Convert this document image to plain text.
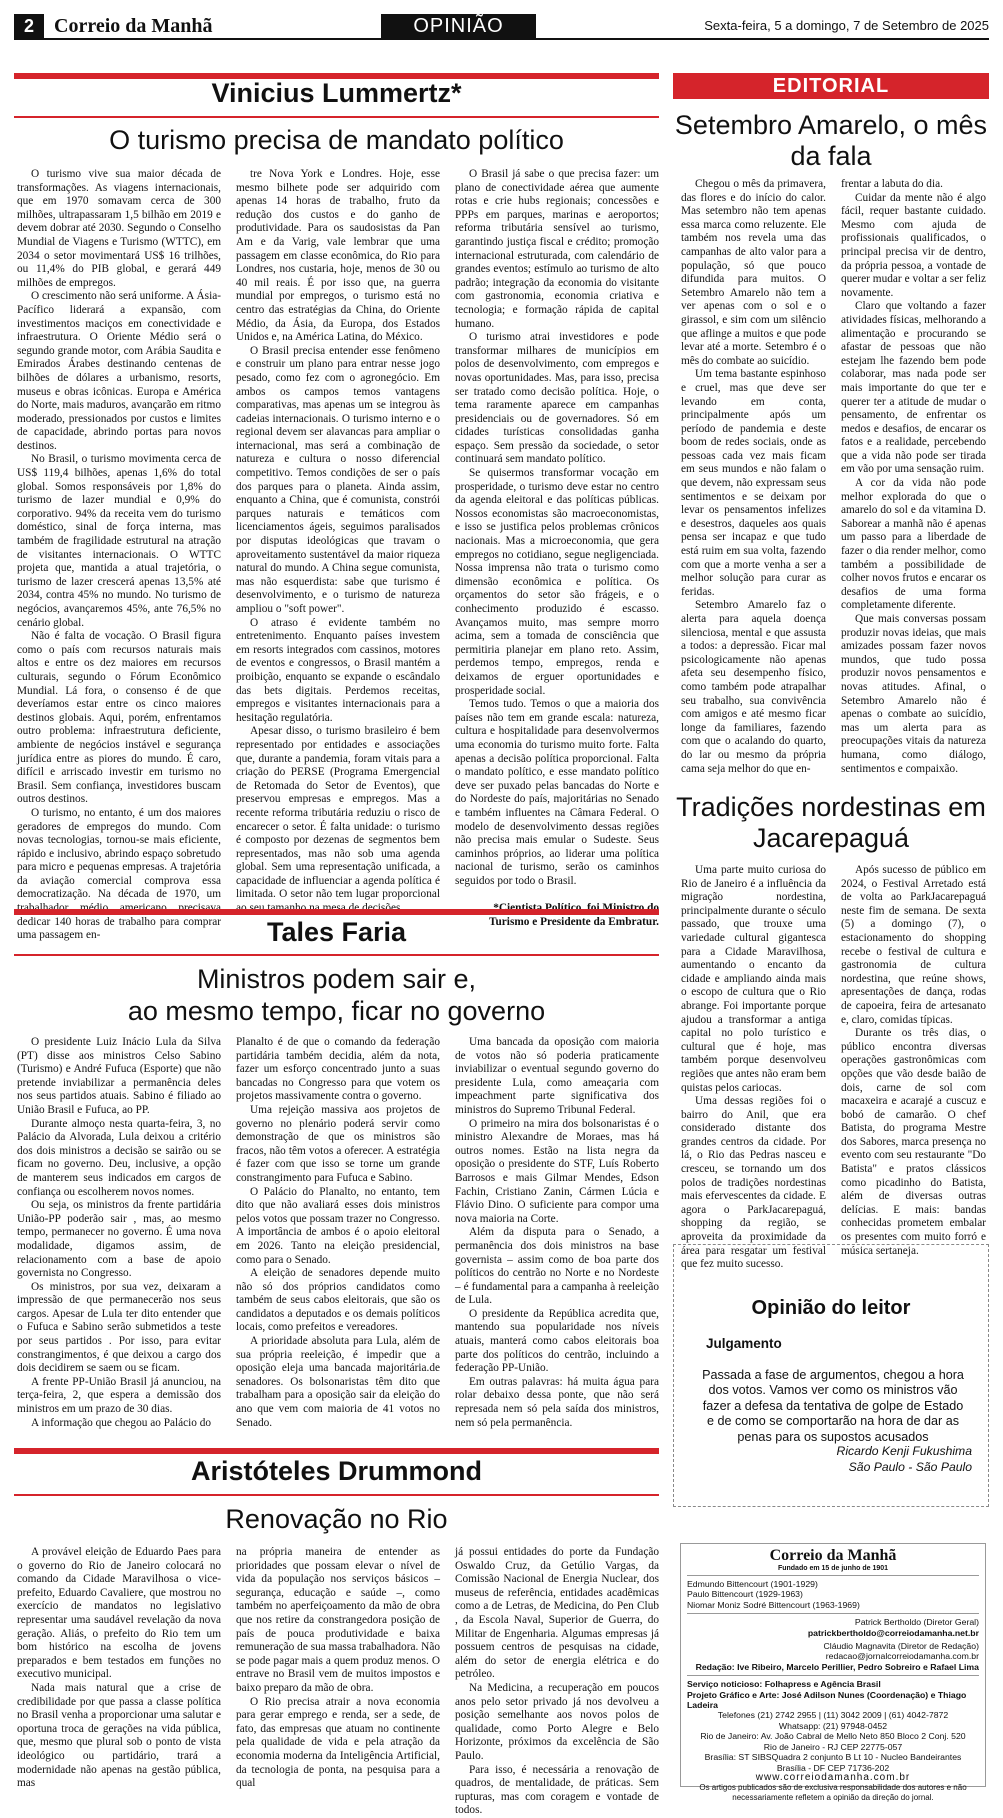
2	Correio da Manhã	OPINIÃO	Sexta-feira, 5 a domingo, 7 de Setembro de 2025
Vinicius Lummertz*
O turismo precisa de mandato político

O turismo vive sua maior década de transformações. As viagens internacionais, que em 1970 somavam cerca de 300 milhões, ultrapassaram 1,5 bilhão em 2019 e devem dobrar até 2030. Segundo o Conselho Mundial de Viagens e Turismo (WTTC), em 2034 o setor movimentará US$ 16 trilhões, ou 11,4% do PIB global, e gerará 449 milhões de empregos.

O crescimento não será uniforme. A Ásia-Pacífico liderará a expansão, com investimentos maciços em conectividade e infraestrutura. O Oriente Médio será o segundo grande motor, com Arábia Saudita e Emirados Árabes destinando centenas de bilhões de dólares a urbanismo, resorts, museus e obras icônicas. Europa e América do Norte, mais maduros, avançarão em ritmo moderado, pressionados por custos e limites de capacidade, abrindo portas para novos destinos.

No Brasil, o turismo movimenta cerca de US$ 119,4 bilhões, apenas 1,6% do total global. Somos responsáveis por 1,8% do turismo de lazer mundial e 0,9% do corporativo. 94% da receita vem do turismo doméstico, sinal de força interna, mas também de fragilidade estrutural na atração de visitantes internacionais. O WTTC projeta que, mantida a atual trajetória, o turismo de lazer crescerá apenas 13,5% até 2034, contra 45% no mundo. No turismo de negócios, avançaremos 45%, ante 76,5% no cenário global.

Não é falta de vocação. O Brasil figura como o país com recursos naturais mais altos e entre os dez maiores em recursos culturais, segundo o Fórum Econômico Mundial. Lá fora, o consenso é de que deveríamos estar entre os cinco maiores destinos globais. Aqui, porém, enfrentamos outro problema: infraestrutura deficiente, ambiente de negócios instável e segurança jurídica entre as piores do mundo. É caro, difícil e arriscado investir em turismo no Brasil. Sem confiança, investidores buscam outros destinos.

O turismo, no entanto, é um dos maiores geradores de empregos do mundo. Com novas tecnologias, tornou-se mais eficiente, rápido e inclusivo, abrindo espaço sobretudo para micro e pequenas empresas. A trajetória da aviação comercial comprova essa democratização. Na década de 1970, um dedicar 140 horas de trabalho para comprar uma passagem en-

tre Nova York e Londres. Hoje, esse mesmo bilhete pode ser adquirido com apenas 14 horas de trabalho, fruto da redução dos custos e do ganho de produtividade. Para os saudosistas da Pan Am e da Varig, vale lembrar que uma passagem em classe econômica, do Rio para Londres, nos custaria, hoje, menos de 30 ou 40 mil reais. É por isso que, na guerra mundial por empregos, o turismo está no centro das estratégias da China, do Oriente Médio, da Ásia, da Europa, dos Estados Unidos e, na América Latina, do México.

O Brasil precisa entender esse fenômeno e construir um plano para entrar nesse jogo pesado, como fez com o agronegócio. Em ambos os campos temos vantagens comparativas, mas apenas um se integrou às cadeias internacionais. O turismo interno e o regional devem ser alavancas para ampliar o internacional, mas será a combinação de natureza e cultura o nosso diferencial competitivo. Temos condições de ser o país dos parques para o planeta. Ainda assim, enquanto a China, que é comunista, constrói parques naturais e temáticos com licenciamentos ágeis, seguimos paralisados por disputas ideológicas que travam o aproveitamento sustentável da maior riqueza natural do mundo. A China segue comunista, mas não esquerdista: sabe que turismo é desenvolvimento, e o turismo de natureza ampliou o "soft power".

O atraso é evidente também no entretenimento. Enquanto países investem em resorts integrados com cassinos, motores de eventos e congressos, o Brasil mantém a proibição, enquanto se expande o escândalo das bets digitais. Perdemos receitas, empregos e visitantes internacionais para a hesitação regulatória.

Apesar disso, o turismo brasileiro é bem representado por entidades e associações que, durante a pandemia, foram vitais para a criação do PERSE (Programa Emergencial de Retomada do Setor de Eventos), que preservou empresas e empregos. Mas a recente reforma tributária reduziu o risco de encarecer o setor. É falta unidade: o turismo é composto por dezenas de segmentos bem representados, mas não sob uma agenda global. Sem uma representação unificada, a capacidade de influenciar a agenda política é limitada. O setor não tem lugar proporcional

O Brasil já sabe o que precisa fazer: um plano de conectividade aérea que aumente rotas e crie hubs regionais; concessões e PPPs em parques, marinas e aeroportos; reforma tributária sensível ao turismo, garantindo justiça fiscal e crédito; promoção internacional estruturada, com calendário de grandes eventos; estímulo ao turismo de alto padrão; integração da economia do visitante com gastronomia, economia criativa e tecnologia; e formação rápida de capital humano.

O turismo atrai investidores e pode transformar milhares de municípios em polos de desenvolvimento, com empregos e novas oportunidades. Mas, para isso, precisa ser tratado como decisão política. Hoje, o tema raramente aparece em campanhas presidenciais ou de governadores. Só em cidades turísticas consolidadas ganha espaço. Sem pressão da sociedade, o setor continuará sem mandato político.

Se quisermos transformar vocação em prosperidade, o turismo deve estar no centro da agenda eleitoral e das políticas públicas. Nossos economistas são macroeconomistas, e isso se justifica pelos problemas crônicos nacionais. Mas a microeconomia, que gera empregos no cotidiano, segue negligenciada. Nossa imprensa não trata o turismo como dimensão econômica e política. Os orçamentos do setor são frágeis, e o conhecimento produzido é escasso. Avançamos muito, mas sempre morro acima, sem a tomada de consciência que permitiria planejar em plano reto. Assim, perdemos tempo, empregos, renda e deixamos de erguer oportunidades e prosperidade social.

Temos tudo. Temos o que a maioria dos países não tem em grande escala: natureza, cultura e hospitalidade para desenvolvermos uma economia do turismo muito forte. Falta apenas a decisão política proporcional. Falta o mandato político, e esse mandato político deve ser puxado pelas bancadas do Norte e do Nordeste do país, majoritárias no Senado e também influentes na Câmara Federal. O modelo de desenvolvimento dessas regiões não precisa mais emular o Sudeste. Seus caminhos próprios, ao liderar uma política nacional de turismo, serão os caminhos seguidos por todo o Brasil.

Turismo e Presidente da Embratur.
EDITORIAL
Setembro Amarelo, o mês da fala

Chegou o mês da primavera, das flores e do início do calor. Mas setembro não tem apenas essa marca como reluzente. Ele também nos revela uma das campanhas de alto valor para a população, só que pouco difundida para muitos. O Setembro Amarelo não tem a ver apenas com o sol e o girassol, e sim com um silêncio que aflinge a muitos e que pode levar até a morte. Setembro é o mês do combate ao suicídio.

Um tema bastante espinhoso e cruel, mas que deve ser levando em conta, principalmente após um período de pandemia e deste boom de redes sociais, onde as pessoas cada vez mais ficam em seus mundos e não falam o que devem, não expressam seus sentimentos e se deixam por levar os pensamentos infelizes e desestros, daqueles aos quais pensa ser incapaz e que tudo está ruim em sua volta, fazendo com que a morte venha a ser a melhor solução para curar as feridas.

Setembro Amarelo faz o alerta para aquela doença silenciosa, mental e que assusta a todos: a depressão. Ficar mal psicologicamente não apenas afeta seu desempenho físico, como também pode atrapalhar seu trabalho, sua convivência com amigos e até mesmo ficar longe da familiares, fazendo com que o acalando do quarto, do lar ou mesmo da própria cama seja melhor do que en-

frentar a labuta do dia.

Cuidar da mente não é algo fácil, requer bastante cuidado. Mesmo com ajuda de profissionais qualificados, o principal precisa vir de dentro, da própria pessoa, a vontade de querer mudar e voltar a ser feliz novamente.

Claro que voltando a fazer atividades físicas, melhorando a alimentação e procurando se afastar de pessoas que não estejam lhe fazendo bem pode colaborar, mas nada pode ser mais importante do que ter e querer ter a atitude de mudar o pensamento, de enfrentar os medos e desafios, de encarar os fatos e a realidade, percebendo que a vida não pode ser tirada em vão por uma sensação ruim.

A cor da vida não pode melhor explorada do que o amarelo do sol e da vitamina D. Saborear a manhã não é apenas um passo para a liberdade de fazer o dia render melhor, como também a possibilidade de colher novos frutos e encarar os desafios de uma forma completamente diferente.

Que mais conversas possam produzir novas ideias, que mais amizades possam fazer novos mundos, que tudo possa produzir novos pensamentos e novas atitudes. Afinal, o Setembro Amarelo não é apenas o combate ao suicídio, mas um alerta para as preocupações vitais da natureza humana, como diálogo, sentimentos e compaixão.

Tradições nordestinas em Jacarepaguá

Uma parte muito curiosa do Rio de Janeiro é a influência da migração nordestina, principalmente durante o século passado, que trouxe uma variedade cultural gigantesca para a Cidade Maravilhosa, aumentando o encanto da cidade e ampliando ainda mais o escopo de cultura que o Rio abrange. Foi importante porque ajudou a transformar a antiga capital no polo turístico e cultural que é hoje, mas também porque desenvolveu regiões que antes não eram bem quistas pelos cariocas.

Uma dessas regiões foi o bairro do Anil, que era considerado distante dos grandes centros da cidade. Por lá, o Rio das Pedras nasceu e cresceu, se tornando um dos polos de tradições nordestinas mais efervescentes da cidade. E agora o ParkJacarepaguá, shopping da região, se aproveita da proximidade da área para resgatar um festival que fez muito sucesso.

Após sucesso de público em 2024, o Festival Arretado está de volta ao ParkJacarepaguá neste fim de semana. De sexta (5) a domingo (7), o estacionamento do shopping recebe o festival de cultura e gastronomia de cultura nordestina, que reúne shows, apresentações de dança, rodas de capoeira, feira de artesanato e, claro, comidas típicas.

Durante os três dias, o público encontra diversas operações gastronômicas com opções que vão desde baião de dois, carne de sol com macaxeira e acarajé a cuscuz e bobó de camarão. O chef Batista, do programa Mestre dos Sabores, marca presença no evento com seu restaurante "Do Batista" e pratos clássicos como picadinho do Batista, além de diversas outras delícias. E mais: bandas conhecidas prometem embalar os presentes com muito forró e música sertaneja.

Tales Faria
Ministros podem sair e,
ao mesmo tempo, ficar no governo

O presidente Luiz Inácio Lula da Silva (PT) disse aos ministros Celso Sabino (Turismo) e André Fufuca (Esporte) que não pretende inviabilizar a permanência deles nos seus partidos atuais. Sabino é filiado ao União Brasil e Fufuca, ao PP.

Durante almoço nesta quarta-feira, 3, no Palácio da Alvorada, Lula deixou a critério dos dois ministros a decisão se sairão ou se ficam no governo. Deu, inclusive, a opção de manterem seus indicados em cargos de confiança ou escolherem novos nomes.

Ou seja, os ministros da frente partidária União-PP poderão sair , mas, ao mesmo tempo, permanecer no governo. É uma nova modalidade, digamos assim, de relacionamento com a base de apoio governista no Congresso.

Os ministros, por sua vez, deixaram a impressão de que permanecerão nos seus cargos. Apesar de Lula ter dito entender que o Fufuca e Sabino serão submetidos a teste por seus partidos . Por isso, para evitar constrangimentos, é que deixou a cargo dos dois decidirem se saem ou se ficam.

A frente PP-União Brasil já anunciou, na terça-feira, 2, que espera a demissão dos ministros em um prazo de 30 dias.

A informação que chegou ao Palácio do

Planalto é de que o comando da federação partidária também decidia, além da nota, fazer um esforço concentrado junto a suas bancadas no Congresso para que votem os projetos massivamente contra o governo.

Uma rejeição massiva aos projetos de governo no plenário poderá servir como demonstração de que os ministros são fracos, não têm votos a oferecer. A estratégia é fazer com que isso se torne um grande constrangimento para Fufuca e Sabino.

O Palácio do Planalto, no entanto, tem dito que não avaliará esses dois ministros pelos votos que possam trazer no Congresso. A importância de ambos é o apoio eleitoral em 2026. Tanto na eleição presidencial, como para o Senado.

A eleição de senadores depende muito não só dos próprios candidatos como também de seus cabos eleitorais, que são os candidatos a deputados e os demais políticos locais, como prefeitos e vereadores.

A prioridade absoluta para Lula, além de sua própria reeleição, é impedir que a oposição eleja uma bancada majoritária.de senadores. Os bolsonaristas têm dito que trabalham para a oposição sair da eleição do ano que vem com maioria de 41 votos no Senado.

Uma bancada da oposição com maioria de votos não só poderia praticamente inviabilizar o eventual segundo governo do presidente Lula, como ameaçaria com impeachment parte significativa dos ministros do Supremo Tribunal Federal.

O primeiro na mira dos bolsonaristas é o ministro Alexandre de Moraes, mas há outros nomes. Estão na lista negra da oposição o presidente do STF, Luís Roberto Barrosos e mais Gilmar Mendes, Edson Fachin, Cristiano Zanin, Cármen Lúcia e Flávio Dino. O suficiente para compor uma nova maioria na Corte.

Além da disputa para o Senado, a permanência dos dois ministros na base governista – assim como de boa parte dos políticos do centrão no Norte e no Nordeste – é fundamental para a campanha à reeleição de Lula.

O presidente da República acredita que, mantendo sua popularidade nos níveis atuais, manterá como cabos eleitorais boa parte dos políticos do centrão, incluindo a federação PP-União.

Em outras palavras: há muita água para rolar debaixo dessa ponte, que não será represada nem só pela saída dos ministros, nem só pela permanência.

Aristóteles Drummond
Renovação no Rio

A provável eleição de Eduardo Paes para o governo do Rio de Janeiro colocará no comando da Cidade Maravilhosa o vice-prefeito, Eduardo Cavaliere, que mostrou no exercício de mandatos no legislativo representar uma saudável revelação da nova geração. Aliás, o prefeito do Rio tem um bom histórico na escolha de jovens preparados e bem testados em funções no executivo municipal.

Nada mais natural que a crise de credibilidade por que passa a classe política no Brasil venha a proporcionar uma salutar e oportuna troca de gerações na vida pública, que, mesmo que plural sob o ponto de vista ideológico ou partidário, trará a modernidade não apenas na gestão pública, mas

na própria maneira de entender as prioridades que possam elevar o nível de vida da população nos serviços básicos – segurança, educação e saúde –, como também no aperfeiçoamento da mão de obra que nos retire da constrangedora posição de país de pouca produtividade e baixa remuneração de sua massa trabalhadora. Não se pode pagar mais a quem produz menos. O entrave no Brasil vem de muitos impostos e baixo preparo da mão de obra.

O Rio precisa atrair a nova economia para gerar emprego e renda, ser a sede, de fato, das empresas que atuam no continente pela qualidade de vida e pela atração da economia moderna da Inteligência Artificial, da tecnologia de ponta, na pesquisa para a qual

já possui entidades do porte da Fundação Oswaldo Cruz, da Getúlio Vargas, da Comissão Nacional de Energia Nuclear, dos museus de referência, entidades acadêmicas como a de Letras, de Medicina, do Pen Club , da Escola Naval, Superior de Guerra, do Militar de Engenharia. Algumas empresas já possuem centros de pesquisas na cidade, além do setor de energia elétrica e do petróleo.

Na Medicina, a recuperação em poucos anos pelo setor privado já nos devolveu a posição semelhante aos novos polos de qualidade, como Porto Alegre e Belo Horizonte, próximos da excelência de São Paulo.

Para isso, é necessária a renovação de quadros, de mentalidade, de práticas. Sem rupturas, mas com coragem e vontade de todos.

Opinião do leitor
Julgamento
Passada a fase de argumentos, chegou a hora dos votos. Vamos ver como os ministros vão fazer a defesa da tentativa de golpe de Estado e de como se comportarão na hora de dar as penas para os supostos acusados
Ricardo Kenji Fukushima
São Paulo - São Paulo
Correio da Manhã
Fundado em 15 de junho de 1901
Edmundo Bittencourt (1901-1929)
Paulo Bittencourt (1929-1963)
Niomar Moniz Sodré Bittencourt (1963-1969)
Patrick Bertholdo (Diretor Geral)
patrickbertholdo@correiodamanha.net.br
Cláudio Magnavita (Diretor de Redação)
redacao@jornalcorreiodamanha.com.br
Redação: Ive Ribeiro, Marcelo Perillier, Pedro Sobreiro e Rafael Lima
Serviço noticioso: Folhapress e Agência Brasil
Projeto Gráfico e Arte: José Adilson Nunes (Coordenação) e Thiago Ladeira
Telefones (21) 2742 2955 | (11) 3042 2009 | (61) 4042-7872
Whatsapp: (21) 97948-0452
Rio de Janeiro: Av. João Cabral de Mello Neto 850 Bloco 2 Conj. 520
Rio de Janeiro - RJ CEP 22775-057
Brasília: ST SIBSQuadra 2 conjunto B Lt 10 - Nucleo Bandeirantes
Brasília - DF CEP 71736-202
www.correiodamanha.com.br
Os artigos publicados são de exclusiva responsabilidade dos autores e não necessariamente refletem a opinião da direção do jornal.
